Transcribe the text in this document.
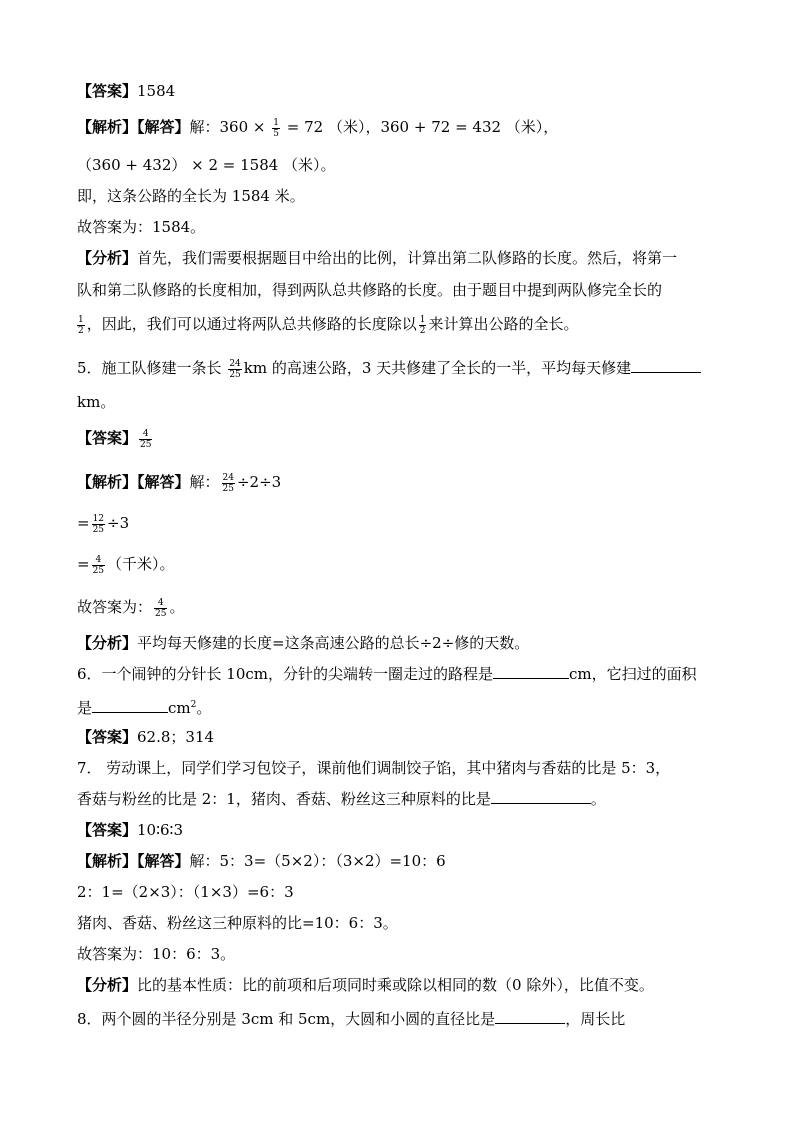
【答案】1584
【解析】【解答】解：$360 \times \frac{1}{5} = 72$ （米），360 + 72 = 432 （米），
（360 + 432） × 2 = 1584 （米）。
即，这条公路的全长为 1584 米。
故答案为：1584。
【分析】首先，我们需要根据题目中给出的比例，计算出第二队修路的长度。然后，将第一
队和第二队修路的长度相加，得到两队总共修路的长度。由于题目中提到两队修完全长的
$\frac{1}{2}$ ，因此，我们可以通过将两队总共修路的长度除以 $\frac{1}{2}$ 来计算出公路的全长。
5．施工队修建一条长 $\frac{24}{25}$ km 的高速公路，3 天共修建了全长的一半，平均每天修建
km。
【答案】 $\frac{4}{25}$
【解析】【解答】解： $\frac{24}{25} \div 2\div 3$
= $\frac{12}{25} \div 3$
= $\frac{4}{25}$ （千米）。
故答案为： $\frac{4}{25}$ 。
【分析】平均每天修建的长度=这条高速公路的总长÷2÷修的天数。
6．一个闹钟的分针长 10cm，分针的尖端转一圈走过的路程是	cm，它扫过的面积
是	$cm^2$。
【答案】62.8；314
7． 劳动课上，同学们学习包饺子，课前他们调制饺子馅，其中猪肉与香菇的比是 5：3，
香菇与粉丝的比是 2：1，猪肉、香菇、粉丝这三种原料的比是	。
【答案】10∶6∶3
【解析】【解答】解：5：3=（5×2）：（3×2）=10：6
2：1=（2×3）：（1×3）=6：3
猪肉、香菇、粉丝这三种原料的比=10：6：3。
故答案为：10：6：3。
【分析】比的基本性质：比的前项和后项同时乘或除以相同的数（0 除外），比值不变。
8．两个圆的半径分别是 3cm 和 5cm，大圆和小圆的直径比是	，周长比
